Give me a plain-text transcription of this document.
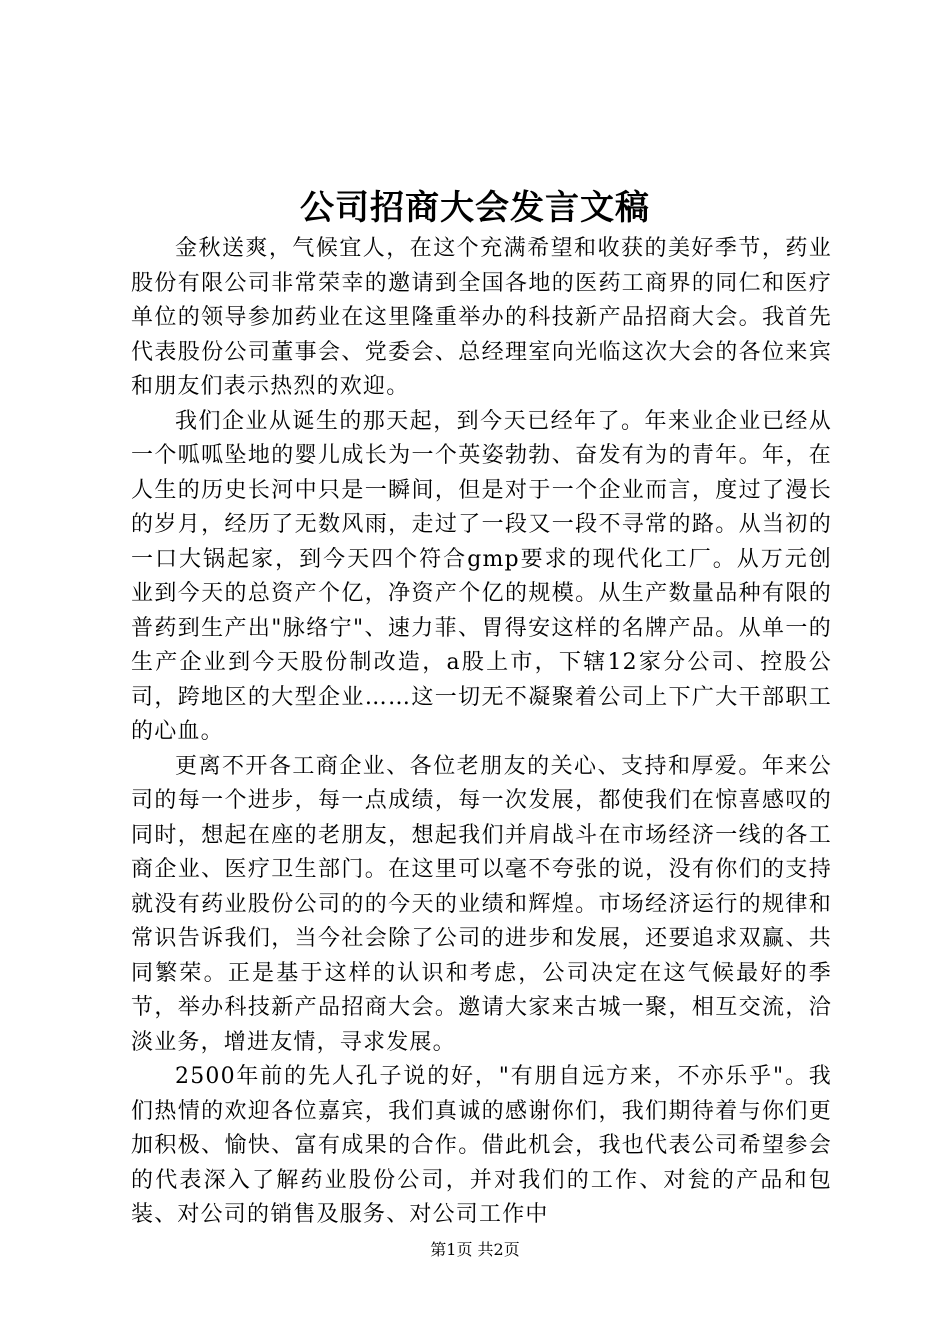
公司招商大会发言文稿

金秋送爽，气候宜人，在这个充满希望和收获的美好季节，药业股份有限公司非常荣幸的邀请到全国各地的医药工商界的同仁和医疗单位的领导参加药业在这里隆重举办的科技新产品招商大会。我首先代表股份公司董事会、党委会、总经理室向光临这次大会的各位来宾和朋友们表示热烈的欢迎。

我们企业从诞生的那天起，到今天已经年了。年来业企业已经从一个呱呱坠地的婴儿成长为一个英姿勃勃、奋发有为的青年。年，在人生的历史长河中只是一瞬间，但是对于一个企业而言，度过了漫长的岁月，经历了无数风雨，走过了一段又一段不寻常的路。从当初的一口大锅起家，到今天四个符合gmp要求的现代化工厂。从万元创业到今天的总资产个亿，净资产个亿的规模。从生产数量品种有限的普药到生产出"脉络宁"、速力菲、胃得安这样的名牌产品。从单一的生产企业到今天股份制改造，a股上市，下辖12家分公司、控股公司，跨地区的大型企业……这一切无不凝聚着公司上下广大干部职工的心血。

更离不开各工商企业、各位老朋友的关心、支持和厚爱。年来公司的每一个进步，每一点成绩，每一次发展，都使我们在惊喜感叹的同时，想起在座的老朋友，想起我们并肩战斗在市场经济一线的各工商企业、医疗卫生部门。在这里可以毫不夸张的说，没有你们的支持就没有药业股份公司的的今天的业绩和辉煌。市场经济运行的规律和常识告诉我们，当今社会除了公司的进步和发展，还要追求双赢、共同繁荣。正是基于这样的认识和考虑，公司决定在这气候最好的季节，举办科技新产品招商大会。邀请大家来古城一聚，相互交流，洽淡业务，增进友情，寻求发展。

2500年前的先人孔子说的好，"有朋自远方来，不亦乐乎"。我们热情的欢迎各位嘉宾，我们真诚的感谢你们，我们期待着与你们更加积极、愉快、富有成果的合作。借此机会，我也代表公司希望参会的代表深入了解药业股份公司，并对我们的工作、对瓮的产品和包装、对公司的销售及服务、对公司工作中

第1页 共2页
